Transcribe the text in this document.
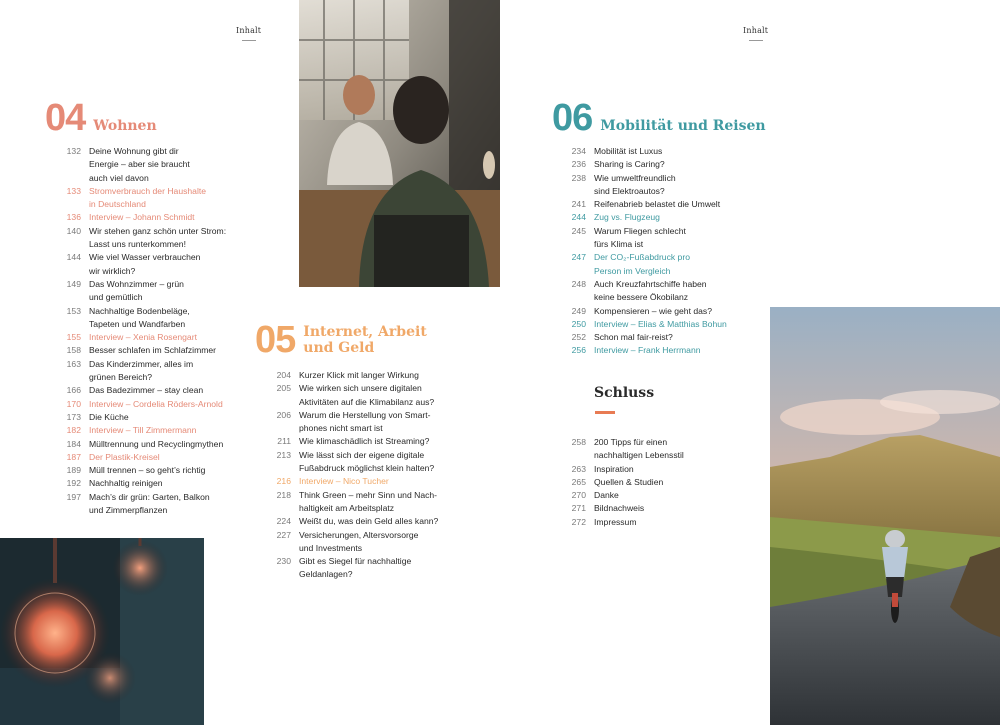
Inhalt
04 Wohnen
132 Deine Wohnung gibt dir
Energie – aber sie braucht
auch viel davon
133 Stromverbrauch der Haushalte
in Deutschland
136 Interview – Johann Schmidt
140 Wir stehen ganz schön unter Strom:
Lasst uns runterkommen!
144 Wie viel Wasser verbrauchen
wir wirklich?
149 Das Wohnzimmer – grün
und gemütlich
153 Nachhaltige Bodenbeläge,
Tapeten und Wandfarben
155 Interview – Xenia Rosengart
158 Besser schlafen im Schlafzimmer
163 Das Kinderzimmer, alles im
grünen Bereich?
166 Das Badezimmer – stay clean
170 Interview – Cordelia Röders-Arnold
173 Die Küche
182 Interview – Till Zimmermann
184 Mülltrennung und Recyclingmythen
187 Der Plastik-Kreisel
189 Müll trennen – so geht’s richtig
192 Nachhaltig reinigen
197 Mach’s dir grün: Garten, Balkon
und Zimmerpflanzen
05 Internet, Arbeit
und Geld
204 Kurzer Klick mit langer Wirkung
205 Wie wirken sich unsere digitalen
Aktivitäten auf die Klimabilanz aus?
206 Warum die Herstellung von Smart-
phones nicht smart ist
211 Wie klimaschädlich ist Streaming?
213 Wie lässt sich der eigene digitale
Fußabdruck möglichst klein halten?
216 Interview – Nico Tucher
218 Think Green – mehr Sinn und Nach-
haltigkeit am Arbeitsplatz
224 Weißt du, was dein Geld alles kann?
227 Versicherungen, Altersvorsorge
und Investments
230 Gibt es Siegel für nachhaltige
Geldanlagen?
Inhalt
06 Mobilität und Reisen
234 Mobilität ist Luxus
236 Sharing is Caring?
238 Wie umweltfreundlich
sind Elektroautos?
241 Reifenabrieb belastet die Umwelt
244 Zug vs. Flugzeug
245 Warum Fliegen schlecht
fürs Klima ist
247 Der CO₂-Fußabdruck pro
Person im Vergleich
248 Auch Kreuzfahrtschiffe haben
keine bessere Ökobilanz
249 Kompensieren – wie geht das?
250 Interview – Elias & Matthias Bohun
252 Schon mal fair-reist?
256 Interview – Frank Herrmann
Schluss
258 200 Tipps für einen
nachhaltigen Lebensstil
263 Inspiration
265 Quellen & Studien
270 Danke
271 Bildnachweis
272 Impressum
